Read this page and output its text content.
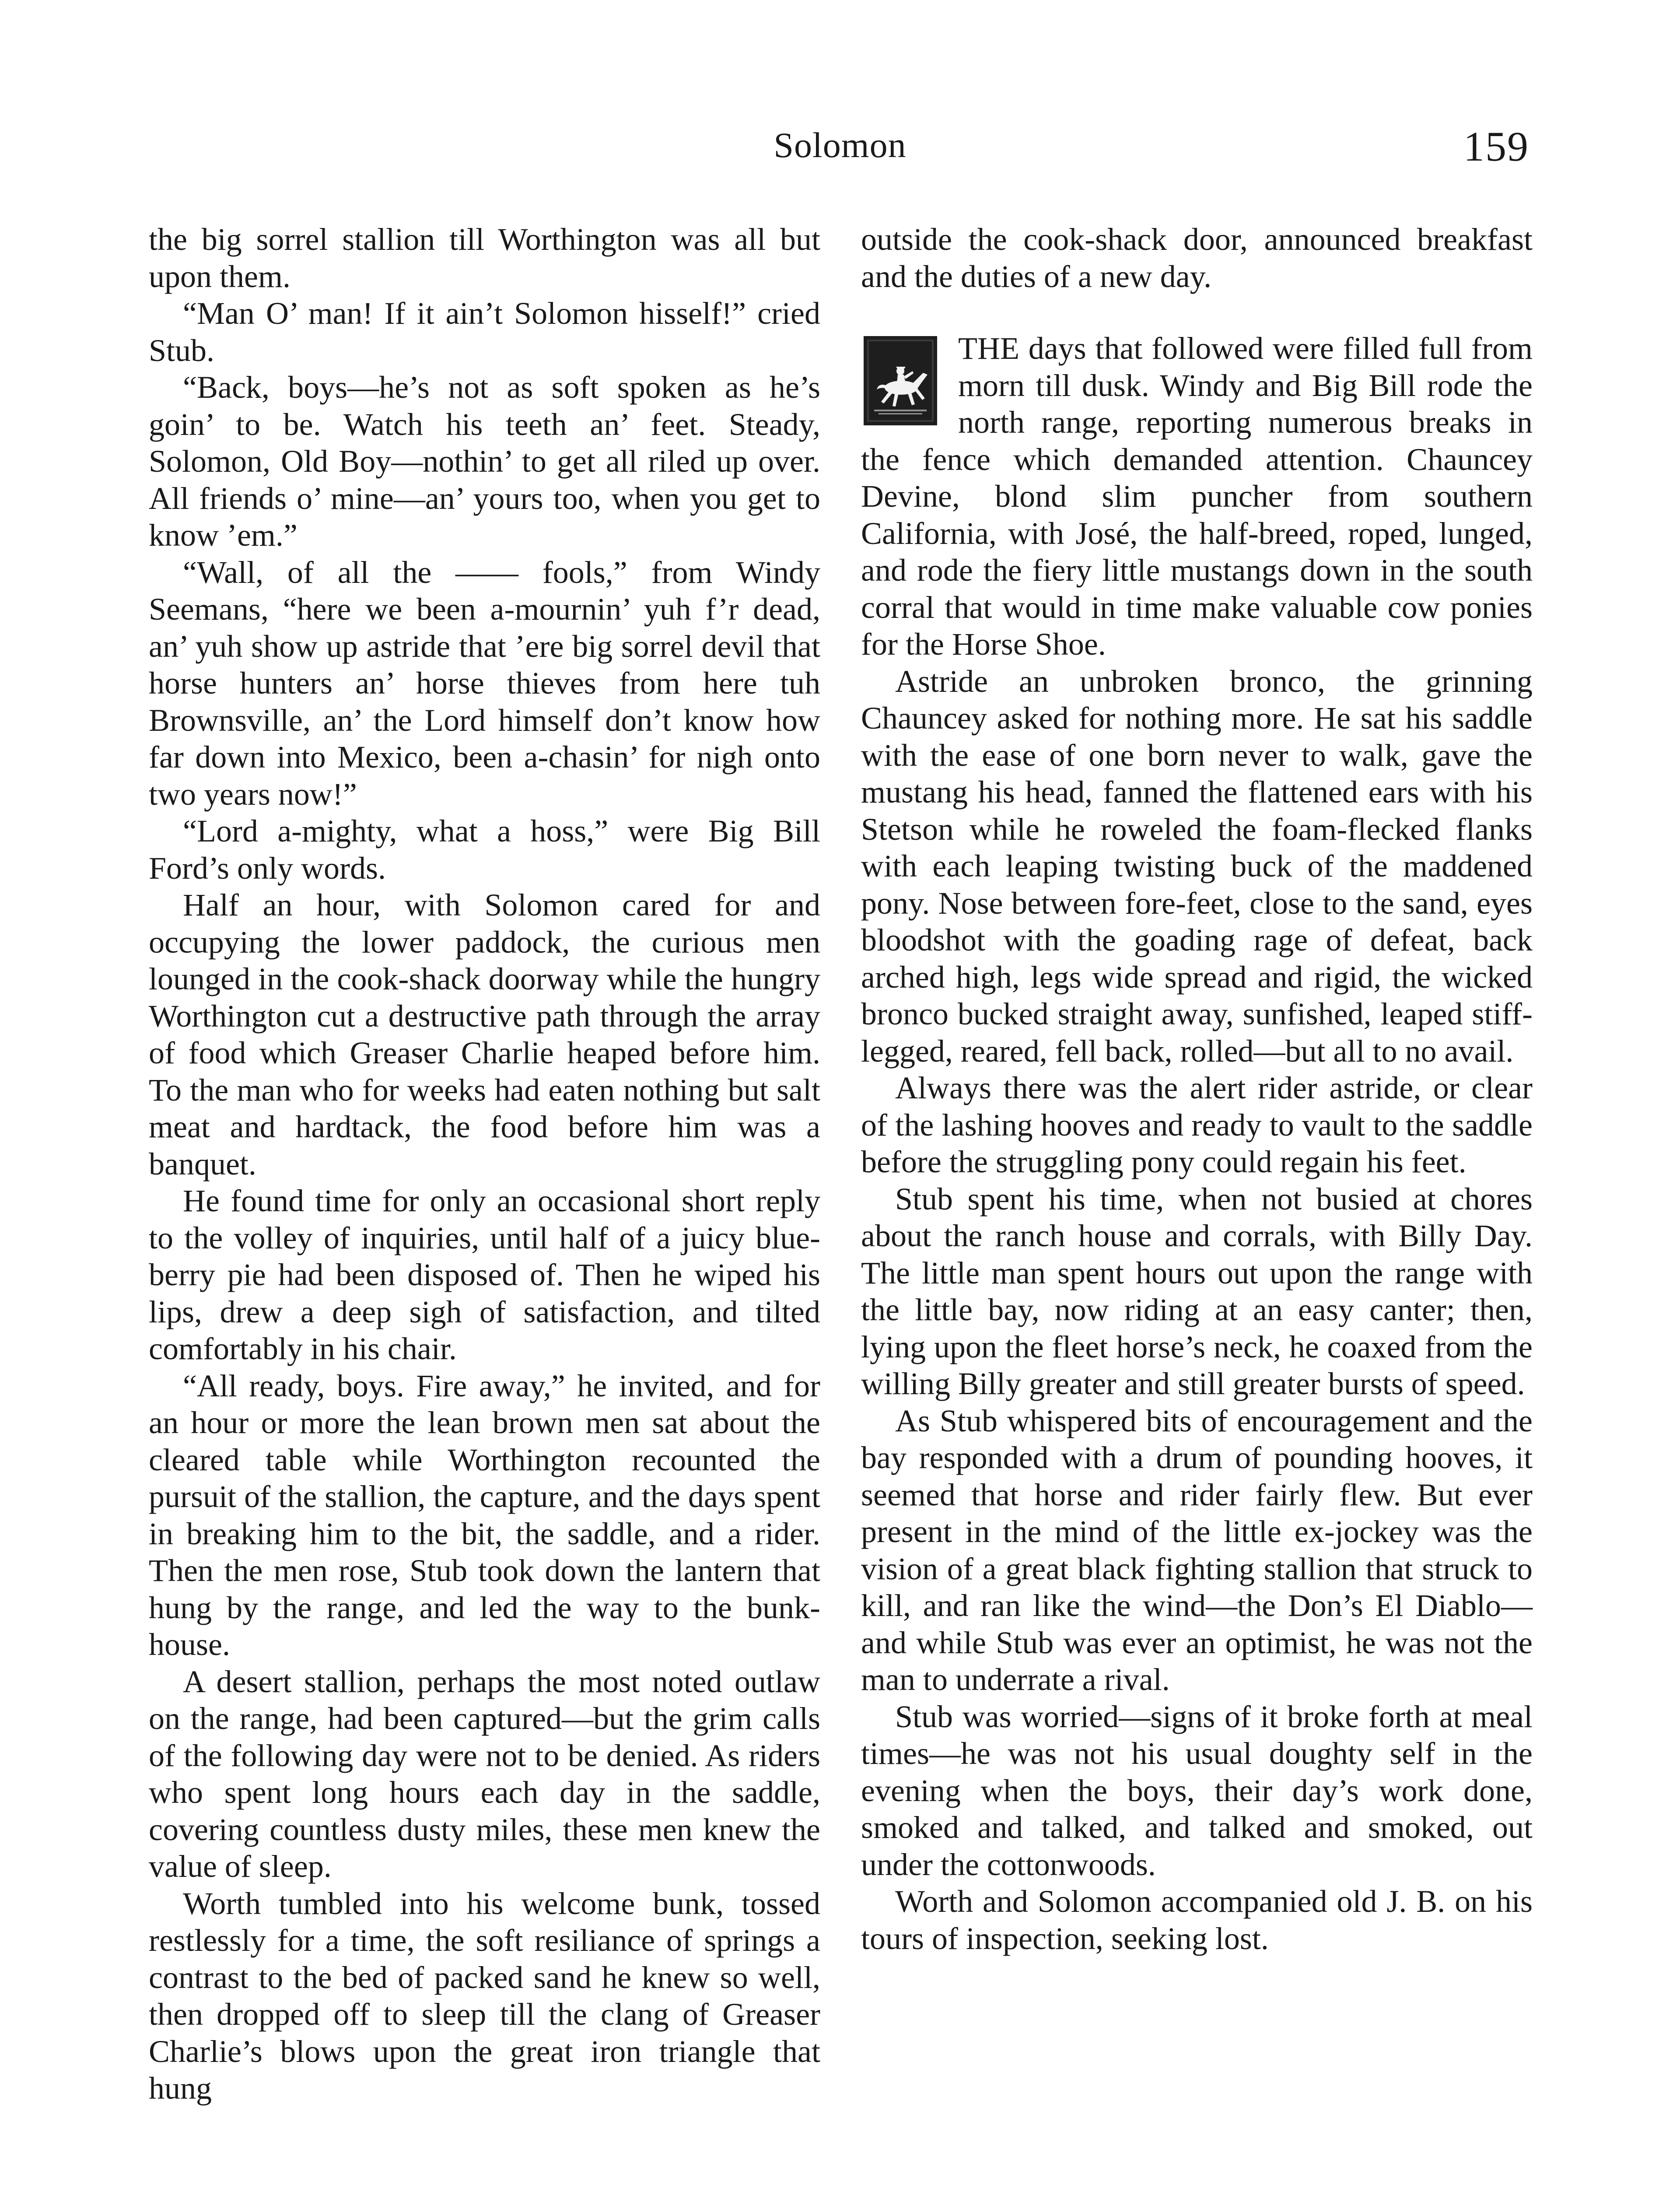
Solomon	159

the big sorrel stallion till Worthington was all but upon them.

“Man O’ man! If it ain’t Solomon hisself!” cried Stub.

“Back, boys—he’s not as soft spoken as he’s goin’ to be. Watch his teeth an’ feet. Steady, Solomon, Old Boy—nothin’ to get all riled up over. All friends o’ mine—an’ yours too, when you get to know ’em.”

“Wall, of all the —— fools,” from Windy Seemans, “here we been a-mournin’ yuh f’r dead, an’ yuh show up astride that ’ere big sorrel devil that horse hunters an’ horse thieves from here tuh Brownsville, an’ the Lord himself don’t know how far down into Mexico, been a-chasin’ for nigh onto two years now!”

“Lord a-mighty, what a hoss,” were Big Bill Ford’s only words.

Half an hour, with Solomon cared for and occupying the lower paddock, the curious men lounged in the cook-shack doorway while the hungry Worthington cut a destructive path through the array of food which Greaser Charlie heaped before him. To the man who for weeks had eaten nothing but salt meat and hardtack, the food before him was a banquet.

He found time for only an occasional short reply to the volley of inquiries, until half of a juicy blue-berry pie had been disposed of. Then he wiped his lips, drew a deep sigh of satisfaction, and tilted comfortably in his chair.

“All ready, boys. Fire away,” he invited, and for an hour or more the lean brown men sat about the cleared table while Worthington recounted the pursuit of the stallion, the capture, and the days spent in breaking him to the bit, the saddle, and a rider. Then the men rose, Stub took down the lantern that hung by the range, and led the way to the bunk-house.

A desert stallion, perhaps the most noted outlaw on the range, had been captured—but the grim calls of the following day were not to be denied. As riders who spent long hours each day in the saddle, covering countless dusty miles, these men knew the value of sleep.

Worth tumbled into his welcome bunk, tossed restlessly for a time, the soft resiliance of springs a contrast to the bed of packed sand he knew so well, then dropped off to sleep till the clang of Greaser Charlie’s blows upon the great iron triangle that hung

outside the cook-shack door, announced breakfast and the duties of a new day.

THE days that followed were filled full from morn till dusk. Windy and Big Bill rode the north range, reporting numerous breaks in the fence which demanded attention. Chauncey Devine, blond slim puncher from southern California, with José, the half-breed, roped, lunged, and rode the fiery little mustangs down in the south corral that would in time make valuable cow ponies for the Horse Shoe.

Astride an unbroken bronco, the grinning Chauncey asked for nothing more. He sat his saddle with the ease of one born never to walk, gave the mustang his head, fanned the flattened ears with his Stetson while he roweled the foam-flecked flanks with each leaping twisting buck of the maddened pony. Nose between fore-feet, close to the sand, eyes bloodshot with the goading rage of defeat, back arched high, legs wide spread and rigid, the wicked bronco bucked straight away, sunfished, leaped stiff-legged, reared, fell back, rolled—but all to no avail.

Always there was the alert rider astride, or clear of the lashing hooves and ready to vault to the saddle before the struggling pony could regain his feet.

Stub spent his time, when not busied at chores about the ranch house and corrals, with Billy Day. The little man spent hours out upon the range with the little bay, now riding at an easy canter; then, lying upon the fleet horse’s neck, he coaxed from the willing Billy greater and still greater bursts of speed.

As Stub whispered bits of encouragement and the bay responded with a drum of pounding hooves, it seemed that horse and rider fairly flew. But ever present in the mind of the little ex-jockey was the vision of a great black fighting stallion that struck to kill, and ran like the wind—the Don’s El Diablo—and while Stub was ever an optimist, he was not the man to underrate a rival.

Stub was worried—signs of it broke forth at meal times—he was not his usual doughty self in the evening when the boys, their day’s work done, smoked and talked, and talked and smoked, out under the cottonwoods.

Worth and Solomon accompanied old J. B. on his tours of inspection, seeking lost.
